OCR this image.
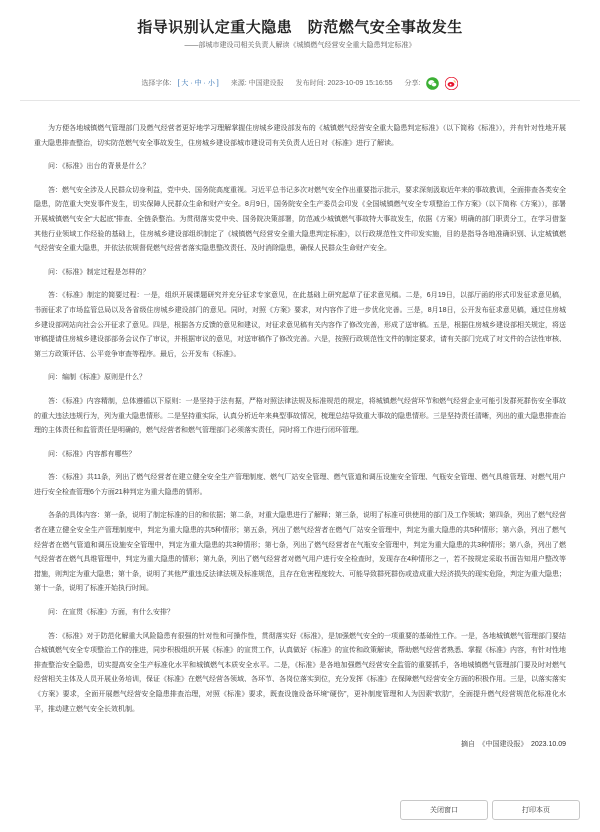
指导识别认定重大隐患　防范燃气安全事故发生
——部城市建设司相关负责人解读《城镇燃气经营安全重大隐患判定标准》
选择字体: [ 大 · 中 · 小 ] 来源: 中国建设报 发布时间: 2023-10-09 15:16:55 分享:

为方便各地城镇燃气管理部门及燃气经营者更好地学习理解掌握住房城乡建设部发布的《城镇燃气经营安全重大隐患判定标准》（以下简称《标准》），并有针对性地开展重大隐患排查整治，切实防范燃气安全事故发生，住房城乡建设部城市建设司有关负责人近日对《标准》进行了解读。

问：《标准》出台的背景是什么？

答：燃气安全涉及人民群众切身利益，党中央、国务院高度重视。习近平总书记多次对燃气安全作出重要指示批示，要求深刻汲取近年来的事故教训，全面排查各类安全隐患，防范重大突发事件发生，切实保障人民群众生命和财产安全。8月9日，国务院安全生产委员会印发《全国城镇燃气安全专项整治工作方案》（以下简称《方案》），部署开展城镇燃气安全“大起底”排查、全链条整治。为贯彻落实党中央、国务院决策部署，防范减少城镇燃气事故特大事故发生，依据《方案》明确的部门职责分工，在学习借鉴其他行业领域工作经验的基础上，住房城乡建设部组织制定了《城镇燃气经营安全重大隐患判定标准》，以行政规范性文件印发实施，目的是指导各地准确识别、认定城镇燃气经营安全重大隐患，并依法依规督促燃气经营者落实隐患整改责任、及时消除隐患，确保人民群众生命财产安全。

问：《标准》制定过程是怎样的？

答：《标准》制定的简要过程：一是，组织开展课题研究并充分征求专家意见，在此基础上研究起草了征求意见稿。二是，6月19日，以部厅函的形式印发征求意见稿，书面征求了市场监管总局以及各省级住房城乡建设部门的意见。同时，对照《方案》要求，对内容作了进一步优化完善。三是，8月18日，公开发布征求意见稿，通过住房城乡建设部网站向社会公开征求了意见。四是，根据各方反馈的意见和建议，对征求意见稿有关内容作了修改完善，形成了送审稿。五是，根据住房城乡建设部相关规定，将送审稿提请住房城乡建设部部务会议作了审议，并根据审议的意见，对送审稿作了修改完善。六是，按照行政规范性文件的制定要求，请有关部门完成了对文件的合法性审核、第三方政策评估、公平竞争审查等程序。最后，公开发布《标准》。

问：编制《标准》原则是什么？

答：《标准》内容精制，总体遵循以下原则：一是坚持于法有据，严格对照法律法规及标准规范的规定，将城镇燃气经营环节和燃气经营企业可能引发群死群伤安全事故的重大违法违规行为，列为重大隐患情形。二是坚持重实际，认真分析近年来典型事故情况，梳理总结导致重大事故的隐患情形。三是坚持责任清晰，列出的重大隐患排查治理的主体责任和监管责任是明确的，燃气经营者和燃气管理部门必须落实责任，同时将工作进行闭环管理。

问：《标准》内容都有哪些？

答：《标准》共11条，列出了燃气经营者在建立健全安全生产管理制度、燃气厂站安全管理、燃气管道和调压设施安全管理、气瓶安全管理、燃气具维管理、对燃气用户进行安全检查管理6个方面21种判定为重大隐患的情形。

各条的具体内容：第一条，说明了制定标准的目的和依据；第二条，对重大隐患进行了解释；第三条，说明了标准可供使用的部门及工作领域；第四条，列出了燃气经营者在建立健全安全生产管理制度中，判定为重大隐患的共5种情形；第五条，列出了燃气经营者在燃气厂站安全管理中，判定为重大隐患的共5种情形；第六条，列出了燃气经营者在燃气管道和调压设施安全管理中，判定为重大隐患的共3种情形；第七条，列出了燃气经营者在气瓶安全管理中，判定为重大隐患的共3种情形；第八条，列出了燃气经营者在燃气具维管理中，判定为重大隐患的情形；第九条，列出了燃气经营者对燃气用户进行安全检查时，发现存在4种情形之一，若不按规定采取书面告知用户整改等措施，则判定为重大隐患；第十条，说明了其他严重违反法律法规及标准规范，且存在危害程度较大、可能导致群死群伤或造成重大经济损失的现实危险，判定为重大隐患；第十一条，说明了标准开始执行时间。

问：在宣贯《标准》方面，有什么安排？

答：《标准》对于防范化解重大风险隐患有很强的针对性和可操作性，贯彻落实好《标准》，是加强燃气安全的一项重要的基础性工作。一是，各地城镇燃气管理部门要结合城镇燃气安全专项整治工作的推进，同步积极组织开展《标准》的宣贯工作，认真做好《标准》的宣传和政策解读，帮助燃气经营者熟悉、掌握《标准》内容，有针对性地排查整治安全隐患，切实提高安全生产标准化水平和城镇燃气本质安全水平。二是，《标准》是各地加强燃气经营安全监管的重要抓手，各地城镇燃气管理部门要及时对燃气经营相关主体及人员开展业务培训，保证《标准》在燃气经营各领域、各环节、各岗位落实到位，充分发挥《标准》在保障燃气经营安全方面的积极作用。三是，以落实落实《方案》要求，全面开展燃气经营安全隐患排查治理，对照《标准》要求，既查设施设备环境“硬伤”，更补制度管理和人为因素“软肋”，全面提升燃气经营规范化标准化水平，推动建立燃气安全长效机制。

摘自　《中国建设报》　2023.10.09
关闭窗口	打印本页
